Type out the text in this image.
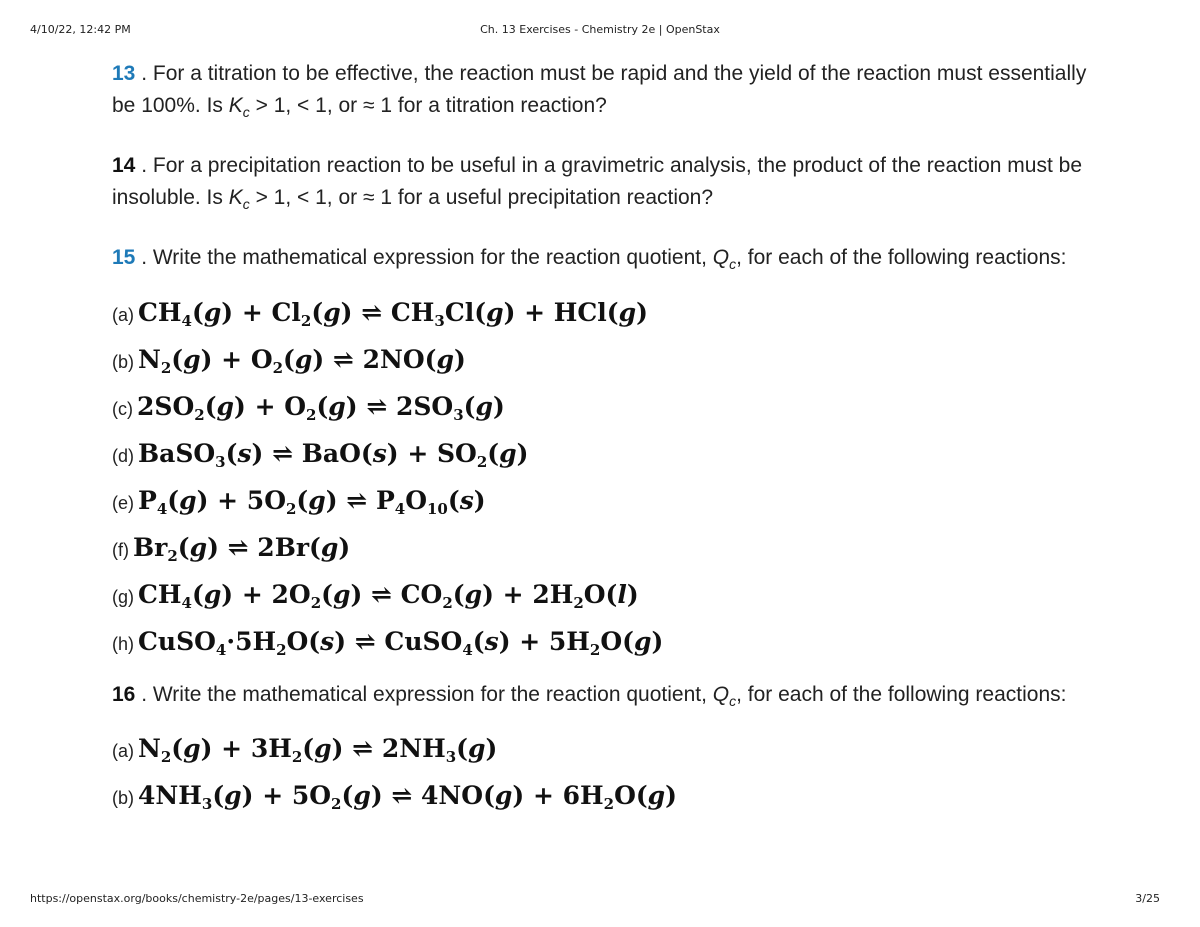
4/10/22, 12:42 PM	Ch. 13 Exercises - Chemistry 2e | OpenStax

13 . For a titration to be effective, the reaction must be rapid and the yield of the reaction must essentially be 100%. Is $K_c > 1$, < 1, or ≈ 1 for a titration reaction?

14 . For a precipitation reaction to be useful in a gravimetric analysis, the product of the reaction must be insoluble. Is $K_c > 1$, < 1, or ≈ 1 for a useful precipitation reaction?

15 . Write the mathematical expression for the reaction quotient, $Q_c$, for each of the following reactions:

(a) $CH_4(g) + Cl_2(g)$ ⇌ $CH_3Cl(g) + HCl(g)$
(b) $N_2(g) + O_2(g)$ ⇌ 2NO(g)
(c) $2SO_2(g) + O_2(g)$ ⇌ $2SO_3(g)$
(d) BaSO$_3$(s) ⇌ $BaO(s) + SO_2(g)$
(e) $P_4(g) + 5O_2(g)$ ⇌ $P_4O_{10}(s)$
(f) $Br_2(g)$ ⇌ 2Br(g)
(g) $CH_4(g) + 2O_2(g)$ ⇌ $CO_2(g) + 2H_2O(l)$
(h) $CuSO_4\cdot 5H_2O(s)$ ⇌ CuSO$_4$(s) + $5H_2O(g)$

16 . Write the mathematical expression for the reaction quotient, $Q_c$, for each of the following reactions:

(a) $N_2(g) + 3H_2(g)$ ⇌ $2NH_3(g)$
(b) $4NH_3(g) + 5O_2(g)$ ⇌ $4NO(g) + 6H_2O(g)$
https://openstax.org/books/chemistry-2e/pages/13-exercises	3/25
